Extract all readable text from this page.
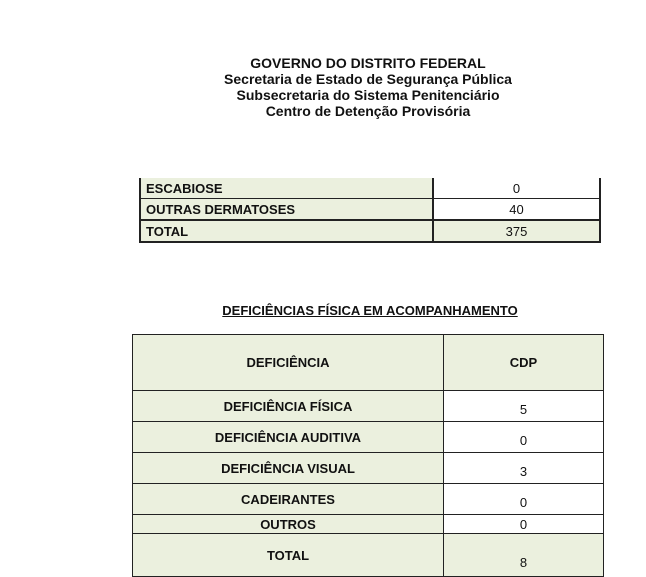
GOVERNO DO DISTRITO FEDERAL
Secretaria de Estado de Segurança Pública
Subsecretaria do Sistema Penitenciário
Centro de Detenção Provisória
ESCABIOSE	0
OUTRAS DERMATOSES	40
TOTAL	375
DEFICIÊNCIAS FÍSICA EM ACOMPANHAMENTO
DEFICIÊNCIA	CDP
DEFICIÊNCIA FÍSICA	5
DEFICIÊNCIA AUDITIVA	0
DEFICIÊNCIA VISUAL	3
CADEIRANTES	0
OUTROS	0
TOTAL	8
